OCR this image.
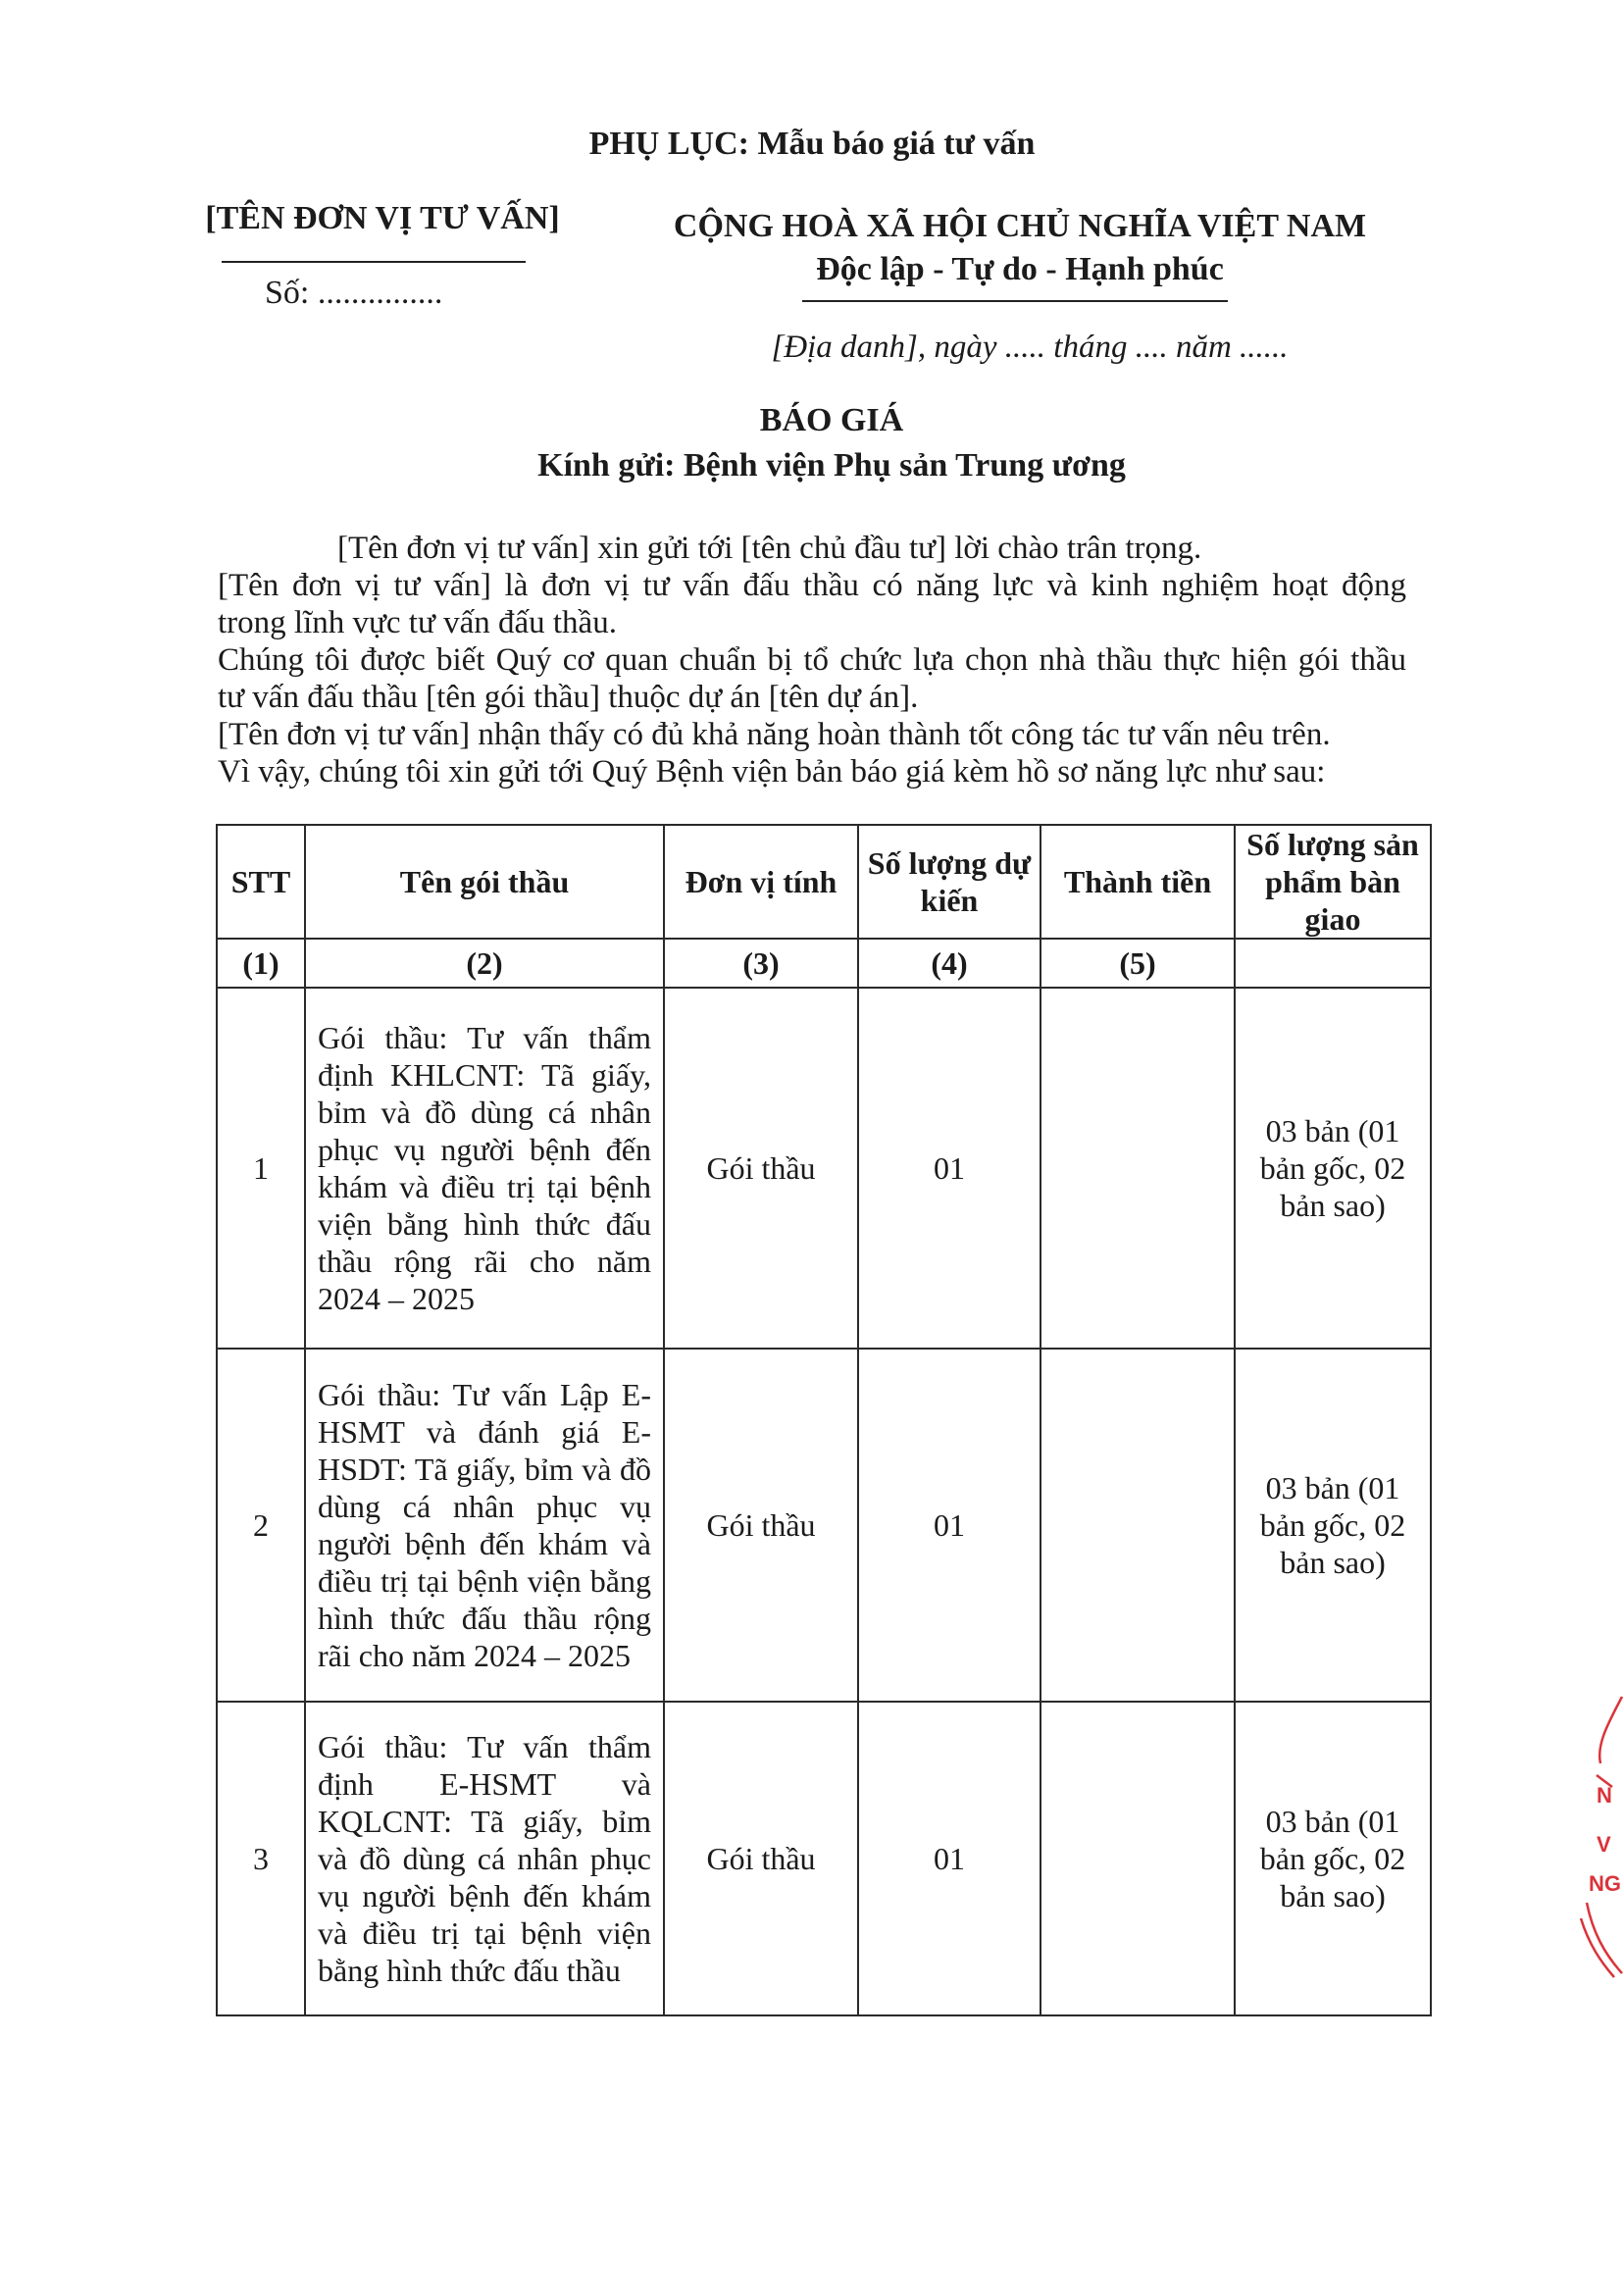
PHỤ LỤC: Mẫu báo giá tư vấn
[TÊN ĐƠN VỊ TƯ VẤN]
Số: ...............
CỘNG HOÀ XÃ HỘI CHỦ NGHĨA VIỆT NAM
Độc lập - Tự do - Hạnh phúc
[Địa danh], ngày ..... tháng .... năm ......
BÁO GIÁ
Kính gửi: Bệnh viện Phụ sản Trung ương
[Tên đơn vị tư vấn] xin gửi tới [tên chủ đầu tư] lời chào trân trọng.
[Tên đơn vị tư vấn] là đơn vị tư vấn đấu thầu có năng lực và kinh nghiệm hoạt động
trong lĩnh vực tư vấn đấu thầu.
Chúng tôi được biết Quý cơ quan chuẩn bị tổ chức lựa chọn nhà thầu thực hiện gói thầu
tư vấn đấu thầu [tên gói thầu] thuộc dự án [tên dự án].
[Tên đơn vị tư vấn] nhận thấy có đủ khả năng hoàn thành tốt công tác tư vấn nêu trên.
Vì vậy, chúng tôi xin gửi tới Quý Bệnh viện bản báo giá kèm hồ sơ năng lực như sau:
STT	Tên gói thầu	Đơn vị tính	Số lượng dự kiến	Thành tiền	Số lượng sản phẩm bàn giao
(1)	(2)	(3)	(4)	(5)	
1	Gói thầu: Tư vấn thẩm định KHLCNT: Tã giấy, bỉm và đồ dùng cá nhân phục vụ người bệnh đến khám và điều trị tại bệnh viện bằng hình thức đấu thầu rộng rãi cho năm 2024 – 2025	Gói thầu	01		03 bản (01 bản gốc, 02 bản sao)
2	Gói thầu: Tư vấn Lập E-HSMT và đánh giá E-HSDT: Tã giấy, bỉm và đồ dùng cá nhân phục vụ người bệnh đến khám và điều trị tại bệnh viện bằng hình thức đấu thầu rộng rãi cho năm 2024 – 2025	Gói thầu	01		03 bản (01 bản gốc, 02 bản sao)
3	Gói thầu: Tư vấn thẩm định E-HSMT và KQLCNT: Tã giấy, bỉm và đồ dùng cá nhân phục vụ người bệnh đến khám và điều trị tại bệnh viện bằng hình thức đấu thầu	Gói thầu	01		03 bản (01 bản gốc, 02 bản sao)
N
V
NG
